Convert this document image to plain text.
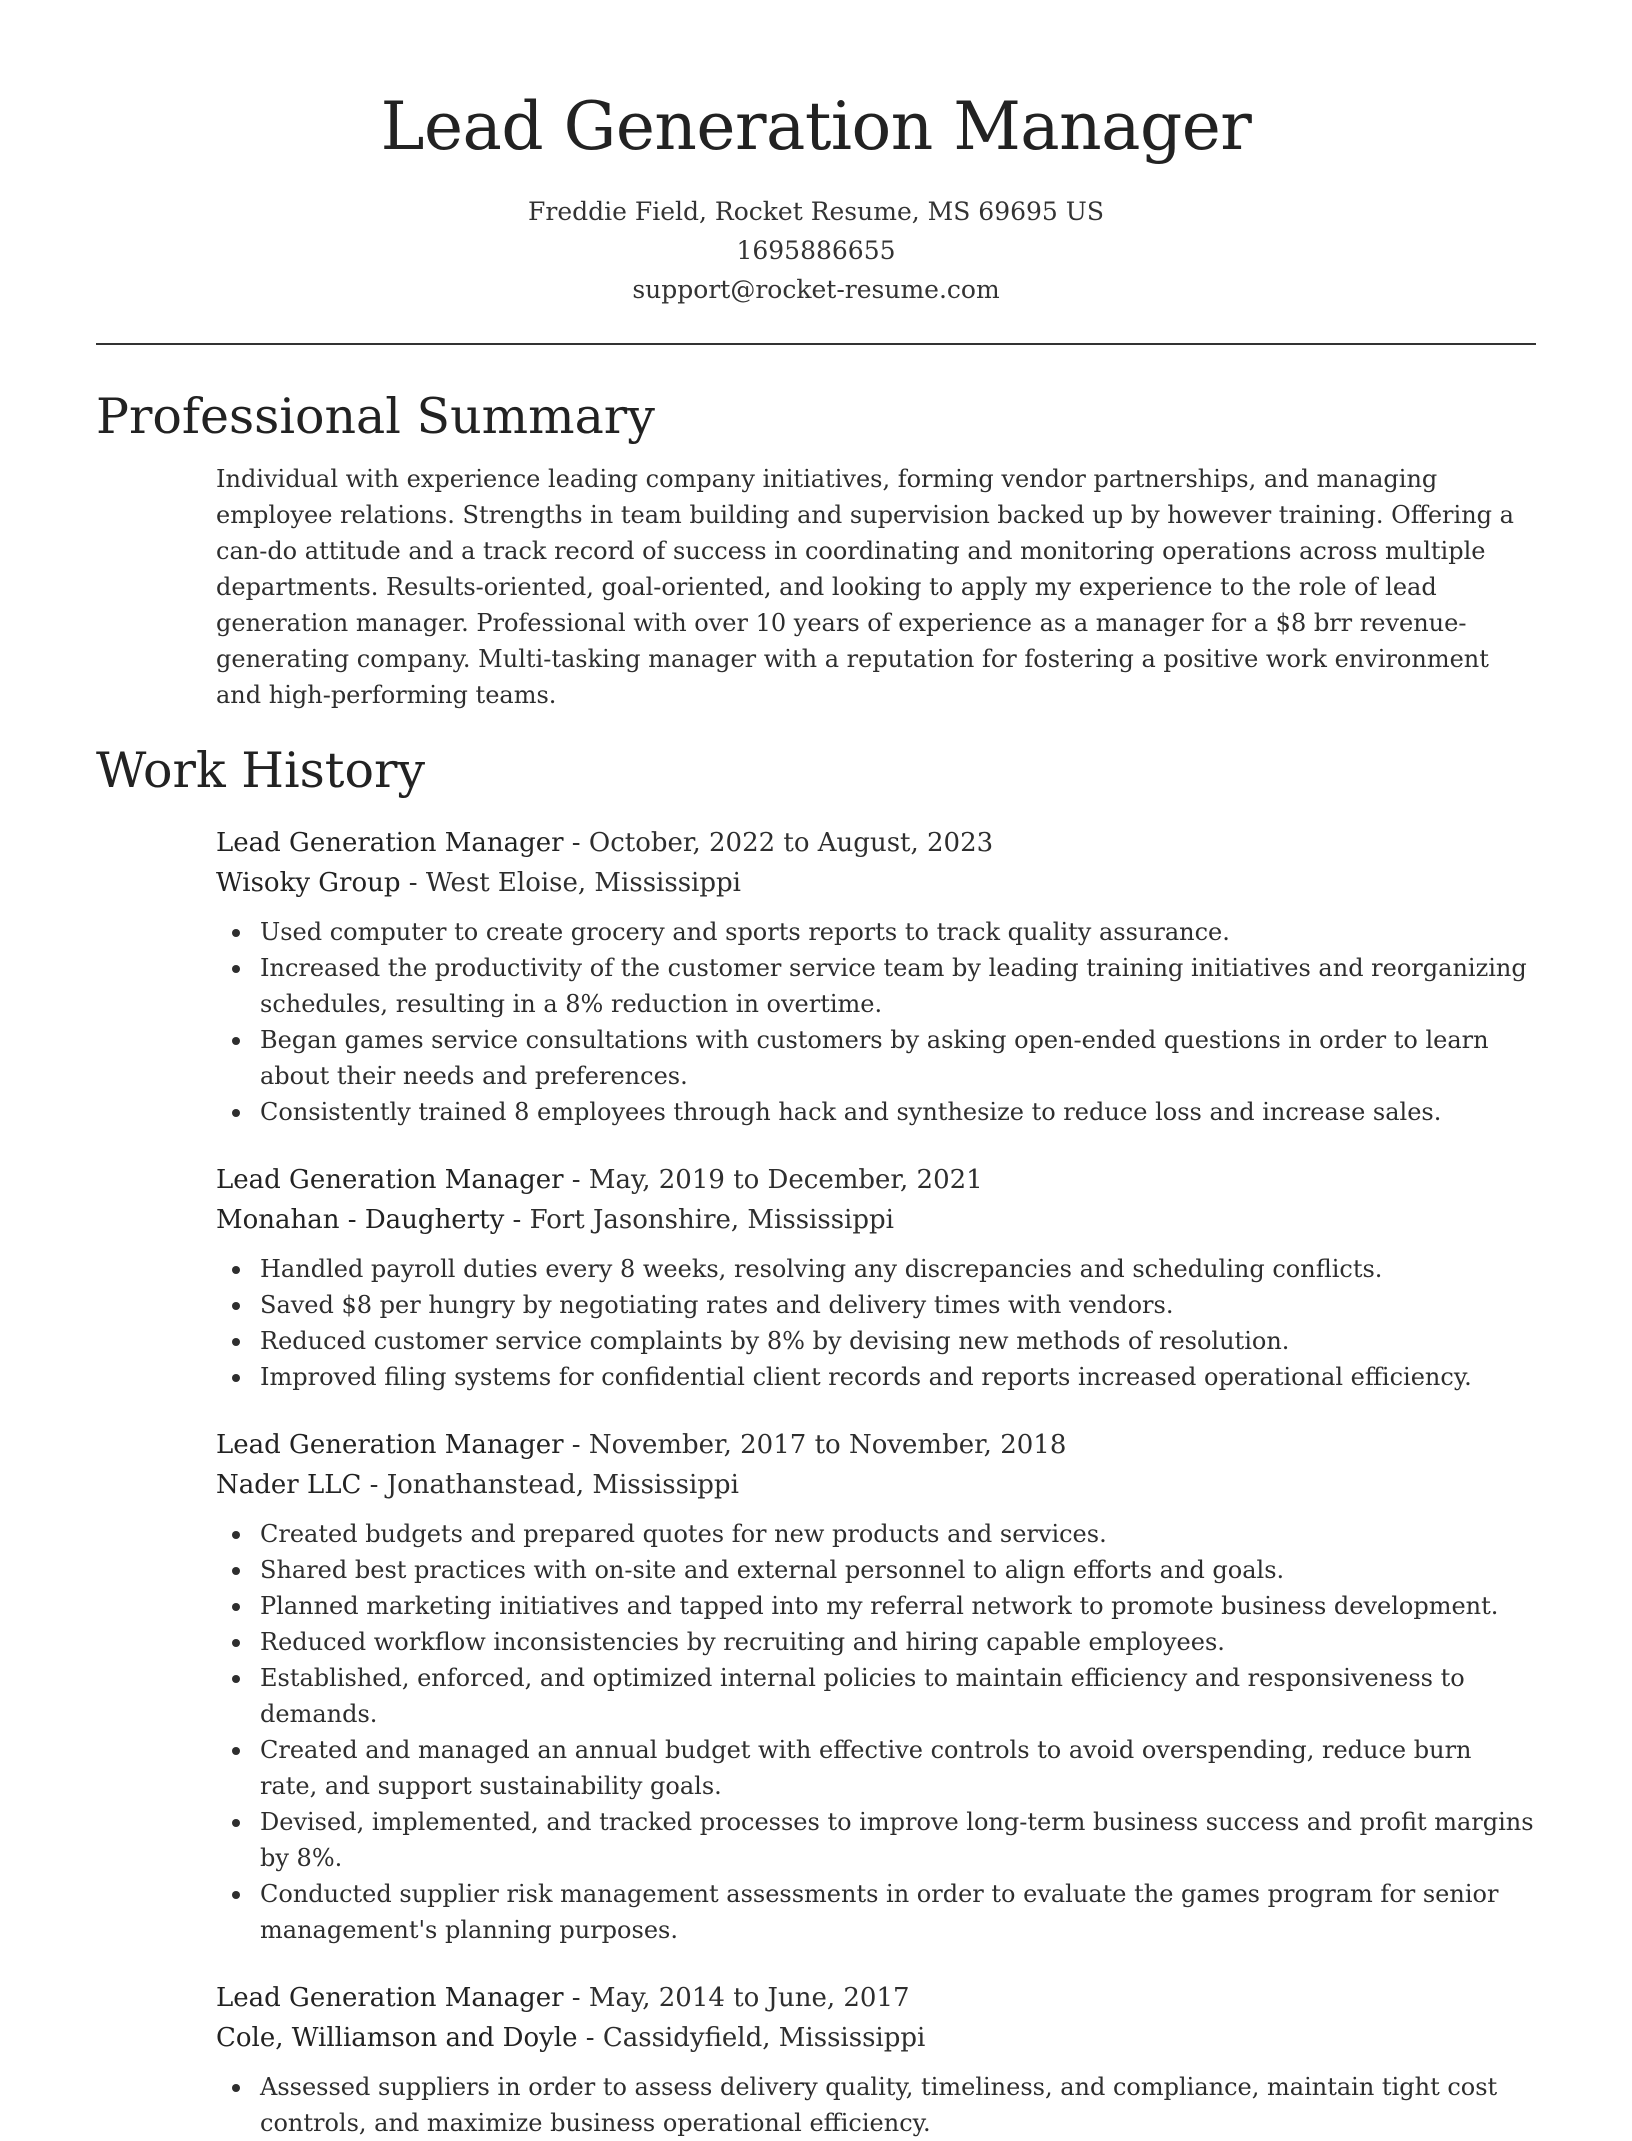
Lead Generation Manager
Freddie Field, Rocket Resume, MS 69695 US
1695886655
support@rocket-resume.com
Professional Summary

Individual with experience leading company initiatives, forming vendor partnerships, and managing employee relations. Strengths in team building and supervision backed up by however training. Offering a can-do attitude and a track record of success in coordinating and monitoring operations across multiple departments. Results-oriented, goal-oriented, and looking to apply my experience to the role of lead generation manager. Professional with over 10 years of experience as a manager for a $8 brr revenue-generating company. Multi-tasking manager with a reputation for fostering a positive work environment and high-performing teams.

Work History
Lead Generation Manager - October, 2022 to August, 2023
Wisoky Group - West Eloise, Mississippi
Used computer to create grocery and sports reports to track quality assurance.
Increased the productivity of the customer service team by leading training initiatives and reorganizing schedules, resulting in a 8% reduction in overtime.
Began games service consultations with customers by asking open-ended questions in order to learn about their needs and preferences.
Consistently trained 8 employees through hack and synthesize to reduce loss and increase sales.
Lead Generation Manager - May, 2019 to December, 2021
Monahan - Daugherty - Fort Jasonshire, Mississippi
Handled payroll duties every 8 weeks, resolving any discrepancies and scheduling conflicts.
Saved $8 per hungry by negotiating rates and delivery times with vendors.
Reduced customer service complaints by 8% by devising new methods of resolution.
Improved filing systems for confidential client records and reports increased operational efficiency.
Lead Generation Manager - November, 2017 to November, 2018
Nader LLC - Jonathanstead, Mississippi
Created budgets and prepared quotes for new products and services.
Shared best practices with on-site and external personnel to align efforts and goals.
Planned marketing initiatives and tapped into my referral network to promote business development.
Reduced workflow inconsistencies by recruiting and hiring capable employees.
Established, enforced, and optimized internal policies to maintain efficiency and responsiveness to demands.
Created and managed an annual budget with effective controls to avoid overspending, reduce burn rate, and support sustainability goals.
Devised, implemented, and tracked processes to improve long-term business success and profit margins by 8%.
Conducted supplier risk management assessments in order to evaluate the games program for senior management's planning purposes.
Lead Generation Manager - May, 2014 to June, 2017
Cole, Williamson and Doyle - Cassidyfield, Mississippi
Assessed suppliers in order to assess delivery quality, timeliness, and compliance, maintain tight cost controls, and maximize business operational efficiency.
